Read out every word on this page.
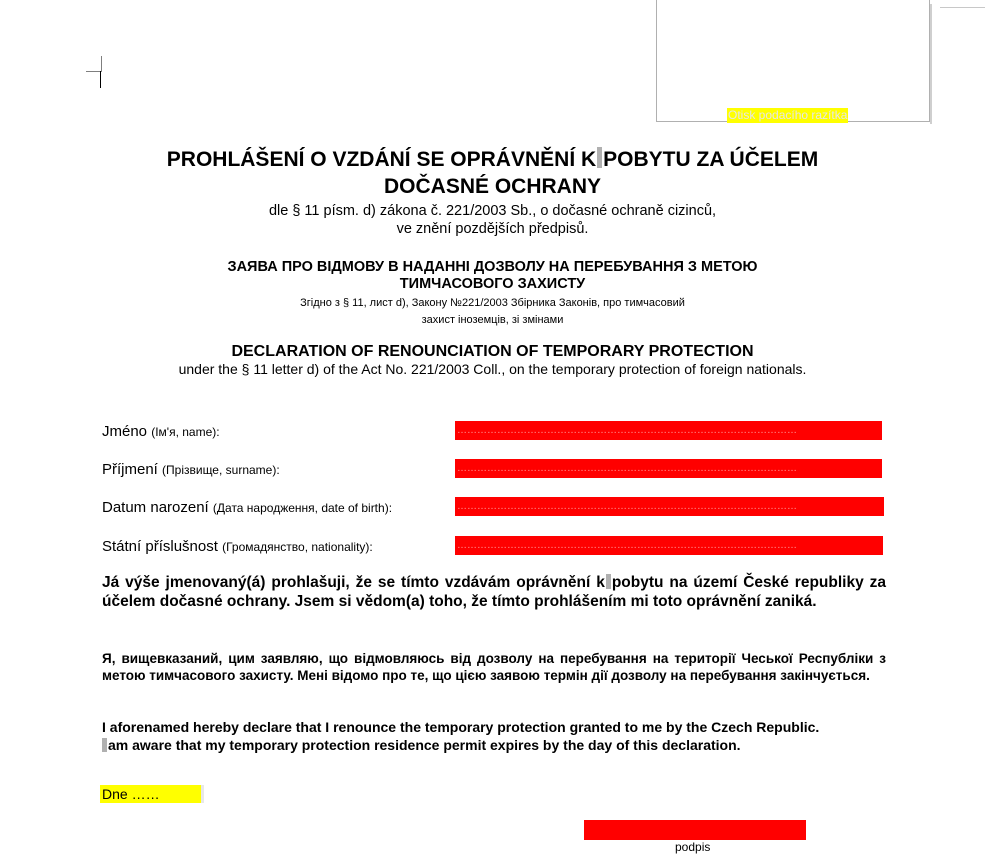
Otisk podacího razítka
PROHLÁŠENÍ O VZDÁNÍ SE OPRÁVNĚNÍ K POBYTU ZA ÚČELEM
DOČASNÉ OCHRANY
dle § 11 písm. d) zákona č. 221/2003 Sb., o dočasné ochraně cizinců,
ve znění pozdějších předpisů.
ЗАЯВА ПРО ВІДМОВУ В НАДАННІ ДОЗВОЛУ НА ПЕРЕБУВАННЯ З МЕТОЮ
ТИМЧАСОВОГО ЗАХИСТУ
Згідно з § 11, лист d), Закону №221/2003 Збірника Законів, про тимчасовий
захист іноземців, зі змінами
DECLARATION OF RENOUNCIATION OF TEMPORARY PROTECTION
under the § 11 letter d) of the Act No. 221/2003 Coll., on the temporary protection of foreign nationals.
Jméno (Ім'я, name):	…………………………………………………………………………………………
Příjmení (Прізвище, surname):	…………………………………………………………………………………………
Datum narození (Дата народження, date of birth):	…………………………………………………………………………………………
Státní příslušnost (Громадянство, nationality):	…………………………………………………………………………………………
Já výše jmenovaný(á) prohlašuji, že se tímto vzdávám oprávnění k pobytu na území České republiky za účelem dočasné ochrany. Jsem si vědom(a) toho, že tímto prohlášením mi toto oprávnění zaniká.
Я, вищевказаний, цим заявляю, що відмовляюсь від дозволу на перебування на території Чеської Республіки з метою тимчасового захисту. Мені відомо про те, що цією заявою термін дії дозволу на перебування закінчується.
I aforenamed hereby declare that I renounce the temporary protection granted to me by the Czech Republic.
am aware that my temporary protection residence permit expires by the day of this declaration.
Dne ……
podpis
